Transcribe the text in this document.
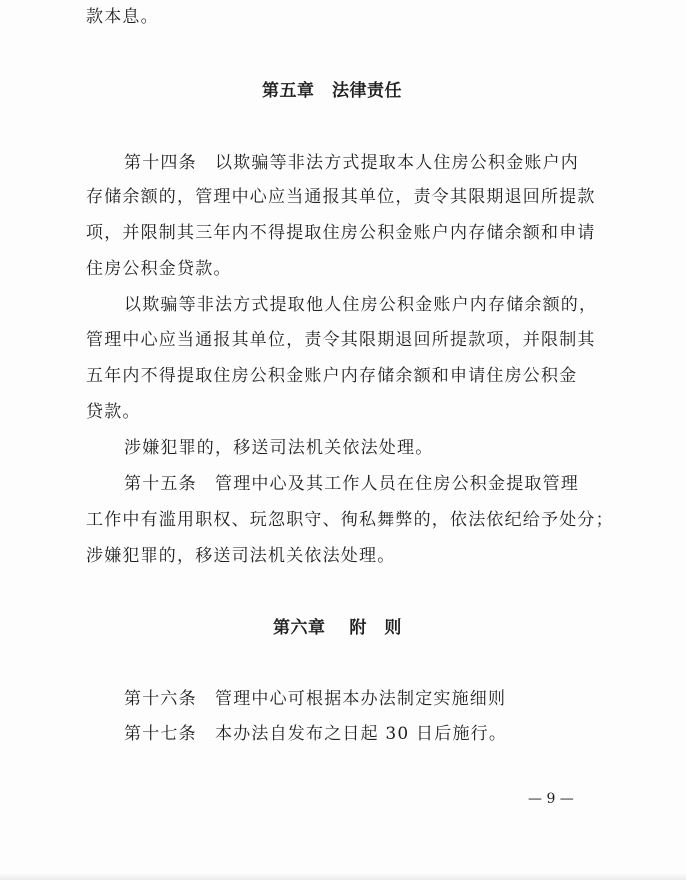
款本息。
第五章　法律责任
第十四条　以欺骗等非法方式提取本人住房公积金账户内
存储余额的，管理中心应当通报其单位，责令其限期退回所提款
项，并限制其三年内不得提取住房公积金账户内存储余额和申请
住房公积金贷款。
以欺骗等非法方式提取他人住房公积金账户内存储余额的，
管理中心应当通报其单位，责令其限期退回所提款项，并限制其
五年内不得提取住房公积金账户内存储余额和申请住房公积金
贷款。
涉嫌犯罪的，移送司法机关依法处理。
第十五条　管理中心及其工作人员在住房公积金提取管理
工作中有滥用职权、玩忽职守、徇私舞弊的，依法依纪给予处分；
涉嫌犯罪的，移送司法机关依法处理。
第六章　 附　则
第十六条　管理中心可根据本办法制定实施细则
第十七条　本办法自发布之日起 30 日后施行。
— 9 —
